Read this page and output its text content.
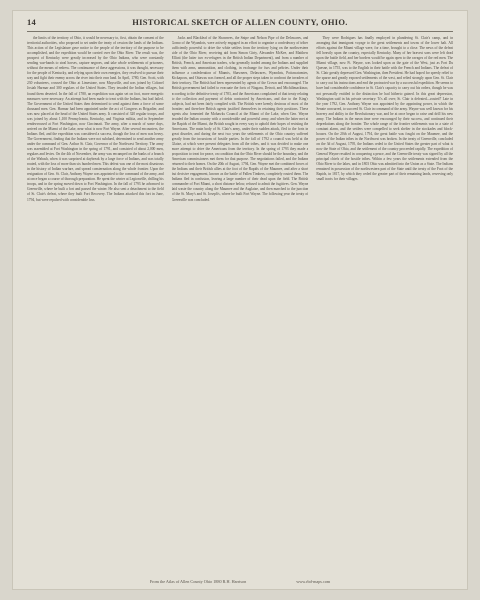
14	HISTORICAL SKETCH OF ALLEN COUNTY, OHIO.

the limits of the territory of Ohio, it would be necessary to, first, obtain the consent of the territorial authorities, who proposed to set under the treaty of cession the lands of the Indians. This action of the Legislature gave notice to the people of the territory of the purpose to be accomplished, and the expedition would be carried over the Ohio River. The result was, the prospect of Kentucky were greatly increased by the Ohio Indians, who were constantly sending war-bands to steal horses, capture negroes, and take whole settlements of prisoners, without the means of redress. The continuance of these aggressions, it was thought, necessary for the people of Kentucky, and relying upon their own energies, they resolved to pursue their way and fight their enemy across the river into their own land. In April, 1780, Gen. Scott, with 230 volunteers, crossed the Ohio at Limestone, now Maysville, and was joined by Colonel Josiah Harmar and 300 regulars of the United States. They invaded the Indian villages, but found them deserted. In the fall of 1780, an expedition was again set on foot, more energetic measures were necessary. An attempt had been made to treat with the Indians, but had failed. The Government of the United States then determined to send against them a force of some thousand men. Gen. Harmar had been appointed under the act of Congress as Brigadier, and was now placed at the head of the United States army. It consisted of 320 regular troops, and was joined by about 1,100 Pennsylvania, Kentucky, and Virginia militia, and in September rendezvoused at Fort Washington, now Cincinnati. The army, after a march of some days, arrived on the Miami of the Lake, near what is now Fort Wayne. After several encounters, the Indians fled, and the expedition was considered a success, though the loss of men was heavy. The Government, finding that the Indians were not subdued, determined to send another army under the command of Gen. Arthur St. Clair, Governor of the Northwest Territory. The army was assembled at Fort Washington in the spring of 1791, and consisted of about 2,000 men, regulars and levies. On the 4th of November, the army was encamped on the banks of a branch of the Wabash, when it was surprised at daybreak by a large force of Indians, and was totally routed, with the loss of more than six hundred men. This defeat was one of the most disastrous in the history of Indian warfare, and spread consternation along the whole frontier. Upon the resignation of Gen. St. Clair, Anthony Wayne was appointed to the command of the army, and at once began a course of thorough preparation. He spent the winter at Legionville, drilling his troops, and in the spring moved down to Fort Washington. In the fall of 1793 he advanced to Greenville, where he built a fort and passed the winter. He also sent a detachment to the field of St. Clair's defeat, where they built Fort Recovery. The Indians attacked this fort in June, 1794, but were repulsed with considerable loss.

Jacks and Blackleaf of the Shawnees, the Snipe and Nelson Pipe of the Delawares, and Gomo of the Wyandots, were actively engaged in an effort to organize a confederacy of tribes sufficiently powerful to drive the white settlers from the territory lying on the northwestern side of the Ohio River, receiving aid from Simon Girty, Alexander McKee, and Matthew Elliott (the latter two ex-refugees in the British Indian Department), and from a number of British, French, and American traders, who generally traded among the Indians and supplied them with arms, ammunition, and clothing, in exchange for furs and peltries. Under their influence a confederation of Miamis, Shawnees, Delawares, Wyandots, Pottawatomies, Kickapoos, and Ottawas was formed, and all the proper steps taken to confront the invaders of their territory. The British had been represented by agents of the Crown and encouraged. The British government had failed to evacuate the forts of Niagara, Detroit, and Michilimackinac, according to the definitive treaty of 1783, and the Americans complained of that treaty relating to the collection and payment of debts contracted by Americans, and due to the King's subjects, had not been fairly complied with. The British were keenly desirous of most of the frontier; and therefore British agents justified themselves in retaining their positions. These agents also fomented the Mohawks Council at the Miami of the Lake, when Gen. Wayne invaded the Indian country with a considerable and powerful army, and when the latter met at the Rapids of the Miami, the British sought in every way to uphold their hopes of resisting the Americans. The main body of St. Clair's army, under their sudden attack, fled to the forts in great disorder, and during the next two years the settlements of the Ohio country suffered greatly from the incursions of hostile parties. In the fall of 1792 a council was held at the Glaize, at which were present delegates from all the tribes, and it was decided to make one more attempt to drive the Americans from the territory. In the spring of 1793 they made a proposition to treat for peace, on condition that the Ohio River should be the boundary, and the American commissioners met them for that purpose. The negotiations failed, and the Indians returned to their homes. On the 20th of August, 1794, Gen. Wayne met the combined forces of the Indians and their British allies at the foot of the Rapids of the Maumee, and after a short but decisive engagement, known as the battle of Fallen Timbers, completely routed them. The Indians fled in confusion, leaving a large number of their dead upon the field. The British commander of Fort Miami, a short distance below, refused to admit the fugitives. Gen. Wayne laid waste the country along the Maumee and the Auglaize, and then marched to the junction of the St. Mary's and St. Joseph's, where he built Fort Wayne. The following year the treaty of Greenville was concluded.

They were Rodrigues has finally employed in plundering St. Clair's camp, and in arranging that immigrant voyage to the great settlements and towns of the lower halt. All efforts against the Miami village were, for a time, brought to a close. The news of the defeat fell heavily upon the country, especially Kentucky. Many of her bravest sons were left dead upon the battle field, and her borders would be again open to the ravages of the red men. The Miami village, now Ft. Wayne, was looked upon as the gate of the West, just as Fort Du Quesne, in 1755, was to the English in their battle with the French and Indians. The defeat of St. Clair greatly depressed Gen. Washington, then President. He had hoped for speedy relief to the sparse and greatly exposed settlements of the west, and relied strongly upon Gen. St. Clair to carry out his instructions and end the protracted war by a successful expedition. He seems to have had considerable confidence in St. Clair's capacity to carry out his orders, though he was not personally entitled to the distinction he had hitherto gained. In this great depression, Washington said in his private secretary: 'It's all over; St. Clair is defeated—routed!' Late in the year 1792, Gen. Anthony Wayne was appointed by the appointing power, in which the Senate concurred, to succeed St. Clair in command of the army. Wayne was well known for his bravery and ability in the Revolutionary war, and he at once began to raise and drill his new army. The Indians in the mean time were encouraged by their success, and continued their depredations along the frontier. The whole range of the frontier settlements was in a state of constant alarm, and the settlers were compelled to seek shelter in the stockades and block-houses. On the 20th of August, 1794, the great battle was fought on the Maumee, and the power of the Indian tribes in the Northwest was broken. In the treaty of Greenville, concluded on the 3d of August, 1795, the Indians ceded to the United States the greater part of what is now the State of Ohio, and the settlement of the country proceeded rapidly. The expedition of General Wayne resulted in conquering a peace, and the Greenville treaty was signed by all the principal chiefs of the hostile tribes. Within a few years the settlements extended from the Ohio River to the lakes, and in 1803 Ohio was admitted into the Union as a State. The Indians remained in possession of the northwestern part of the State until the treaty of the Foot of the Rapids, in 1817, by which they ceded the greater part of their remaining lands, reserving only small tracts for their villages.

From the Atlas of Allen County Ohio 1880 R.H. Harrison	www.rbd-maps.com
